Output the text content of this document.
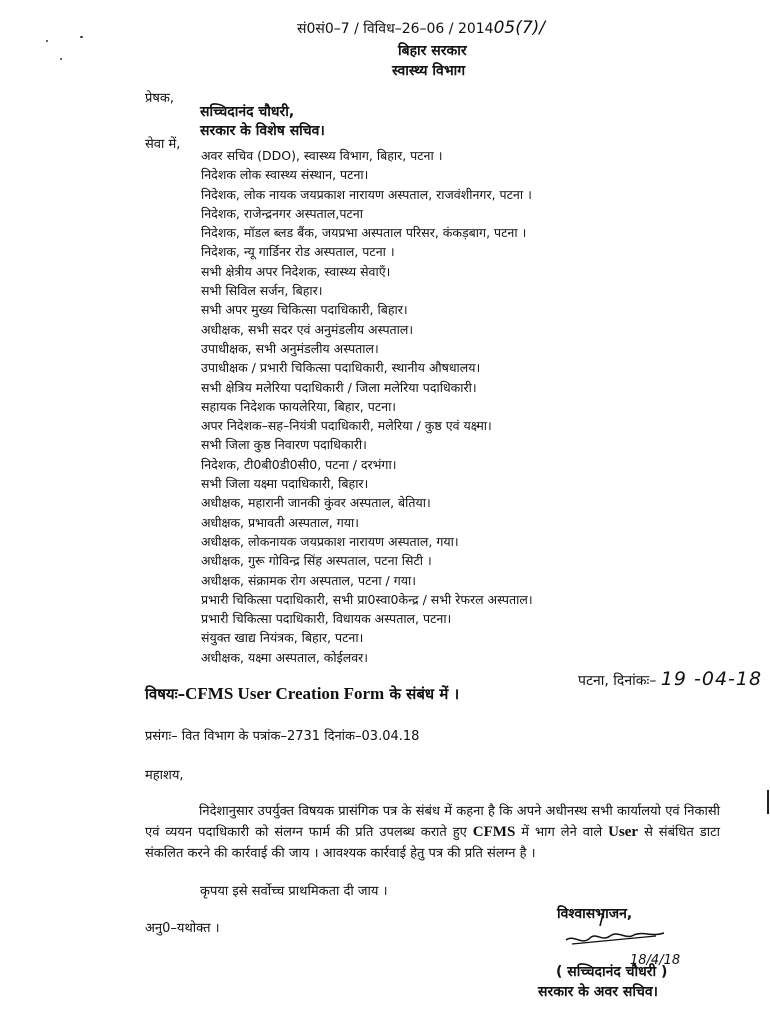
सं0सं0–7 / विविध–26–06 / 201405(7)/
बिहार सरकार
स्वास्थ्य विभाग
प्रेषक,
सच्चिदानंद चौधरी,
सरकार के विशेष सचिव।
सेवा में,
अवर सचिव (DDO), स्वास्थ्य विभाग, बिहार, पटना ।
निदेशक लोक स्वास्थ्य संस्थान, पटना।
निदेशक, लोक नायक जयप्रकाश नारायण अस्पताल, राजवंशीनगर, पटना ।
निदेशक, राजेन्द्रनगर अस्पताल,पटना
निदेशक, मॉडल ब्लड बैंक, जयप्रभा अस्पताल परिसर, कंकड़बाग, पटना ।
निदेशक, न्यू गार्डिनर रोड अस्पताल, पटना ।
सभी क्षेत्रीय अपर निदेशक, स्वास्थ्य सेवाएँ।
सभी सिविल सर्जन, बिहार।
सभी अपर मुख्य चिकित्सा पदाधिकारी, बिहार।
अधीक्षक, सभी सदर एवं अनुमंडलीय अस्पताल।
उपाधीक्षक, सभी अनुमंडलीय अस्पताल।
उपाधीक्षक / प्रभारी चिकित्सा पदाधिकारी, स्थानीय औषधालय।
सभी क्षेत्रिय मलेरिया पदाधिकारी / जिला मलेरिया पदाधिकारी।
सहायक निदेशक फायलेरिया, बिहार, पटना।
अपर निदेशक–सह–नियंत्री पदाधिकारी, मलेरिया / कुष्ठ एवं यक्ष्मा।
सभी जिला कुष्ठ निवारण पदाधिकारी।
निदेशक, टी0बी0डी0सी0, पटना / दरभंगा।
सभी जिला यक्ष्मा पदाधिकारी, बिहार।
अधीक्षक, महारानी जानकी कुंवर अस्पताल, बेतिया।
अधीक्षक, प्रभावती अस्पताल, गया।
अधीक्षक, लोकनायक जयप्रकाश नारायण अस्पताल, गया।
अधीक्षक, गुरू गोविन्द्र सिंह अस्पताल, पटना सिटी ।
अधीक्षक, संक्रामक रोग अस्पताल, पटना / गया।
प्रभारी चिकित्सा पदाधिकारी, सभी प्रा0स्वा0केन्द्र / सभी रेफरल अस्पताल।
प्रभारी चिकित्सा पदाधिकारी, विधायक अस्पताल, पटना।
संयुक्त खाद्य नियंत्रक, बिहार, पटना।
अधीक्षक, यक्ष्मा अस्पताल, कोईलवर।
पटना, दिनांकः– 19 -04-18
विषयः–CFMS User Creation Form के संबंध में ।
प्रसंगः– वित विभाग के पत्रांक–2731 दिनांक–03.04.18
महाशय,
निदेशानुसार उपर्युक्त विषयक प्रासंगिक पत्र के संबंध में कहना है कि अपने अधीनस्थ सभी कार्यालयो एवं निकासी एवं व्ययन पदाधिकारी को संलग्न फार्म की प्रति उपलब्ध कराते हुए CFMS में भाग लेने वाले User से संबंधित डाटा संकलित करने की कार्रवाई की जाय । आवश्यक कार्रवाई हेतु पत्र की प्रति संलग्न है ।
कृपया इसे सर्वोच्च प्राथमिकता दी जाय ।
विश्वासभाजन,
अनु0–यथोक्त ।
18/4/18
( सच्चिदानंद चौधरी )
सरकार के अवर सचिव।
